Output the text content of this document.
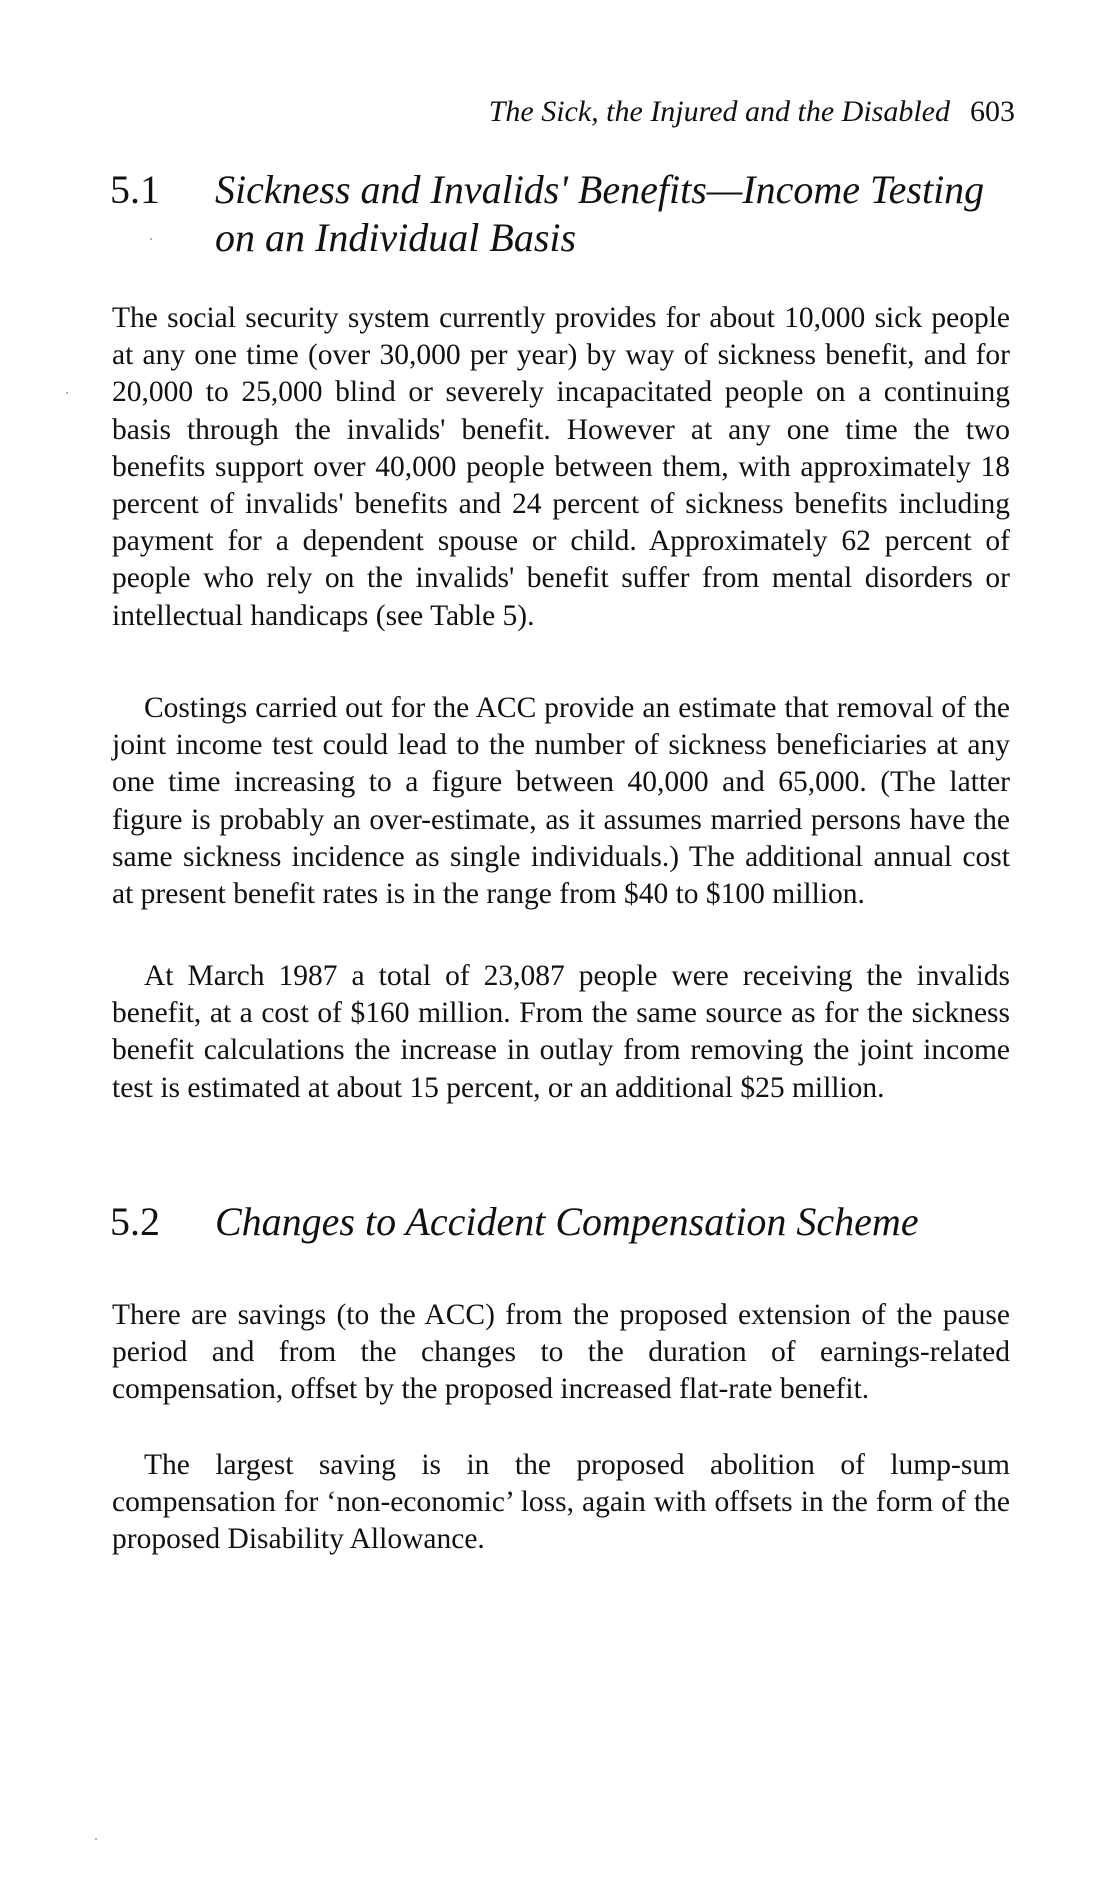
The Sick, the Injured and the Disabled 603
5.1	Sickness and Invalids' Benefits—Income Testing on an Individual Basis

The social security system currently provides for about 10,000 sick people at any one time (over 30,000 per year) by way of sickness benefit, and for 20,000 to 25,000 blind or severely incapacitated people on a continuing basis through the invalids' benefit. However at any one time the two benefits support over 40,000 people between them, with approximately 18 percent of invalids' benefits and 24 percent of sickness benefits including payment for a dependent spouse or child. Approximately 62 percent of people who rely on the invalids' benefit suffer from mental disorders or intellectual handicaps (see Table 5).

Costings carried out for the ACC provide an estimate that removal of the joint income test could lead to the number of sickness beneficiaries at any one time increasing to a figure between 40,000 and 65,000. (The latter figure is probably an over-estimate, as it assumes married persons have the same sickness incidence as single individuals.) The additional annual cost at present benefit rates is in the range from $40 to $100 million.

At March 1987 a total of 23,087 people were receiving the invalids benefit, at a cost of $160 million. From the same source as for the sickness benefit calculations the increase in outlay from removing the joint income test is estimated at about 15 percent, or an additional $25 million.

5.2	Changes to Accident Compensation Scheme

There are savings (to the ACC) from the proposed extension of the pause period and from the changes to the duration of earnings-related compensation, offset by the proposed increased flat-rate benefit.

The largest saving is in the proposed abolition of lump-sum compensation for ‘non-economic’ loss, again with offsets in the form of the proposed Disability Allowance.
